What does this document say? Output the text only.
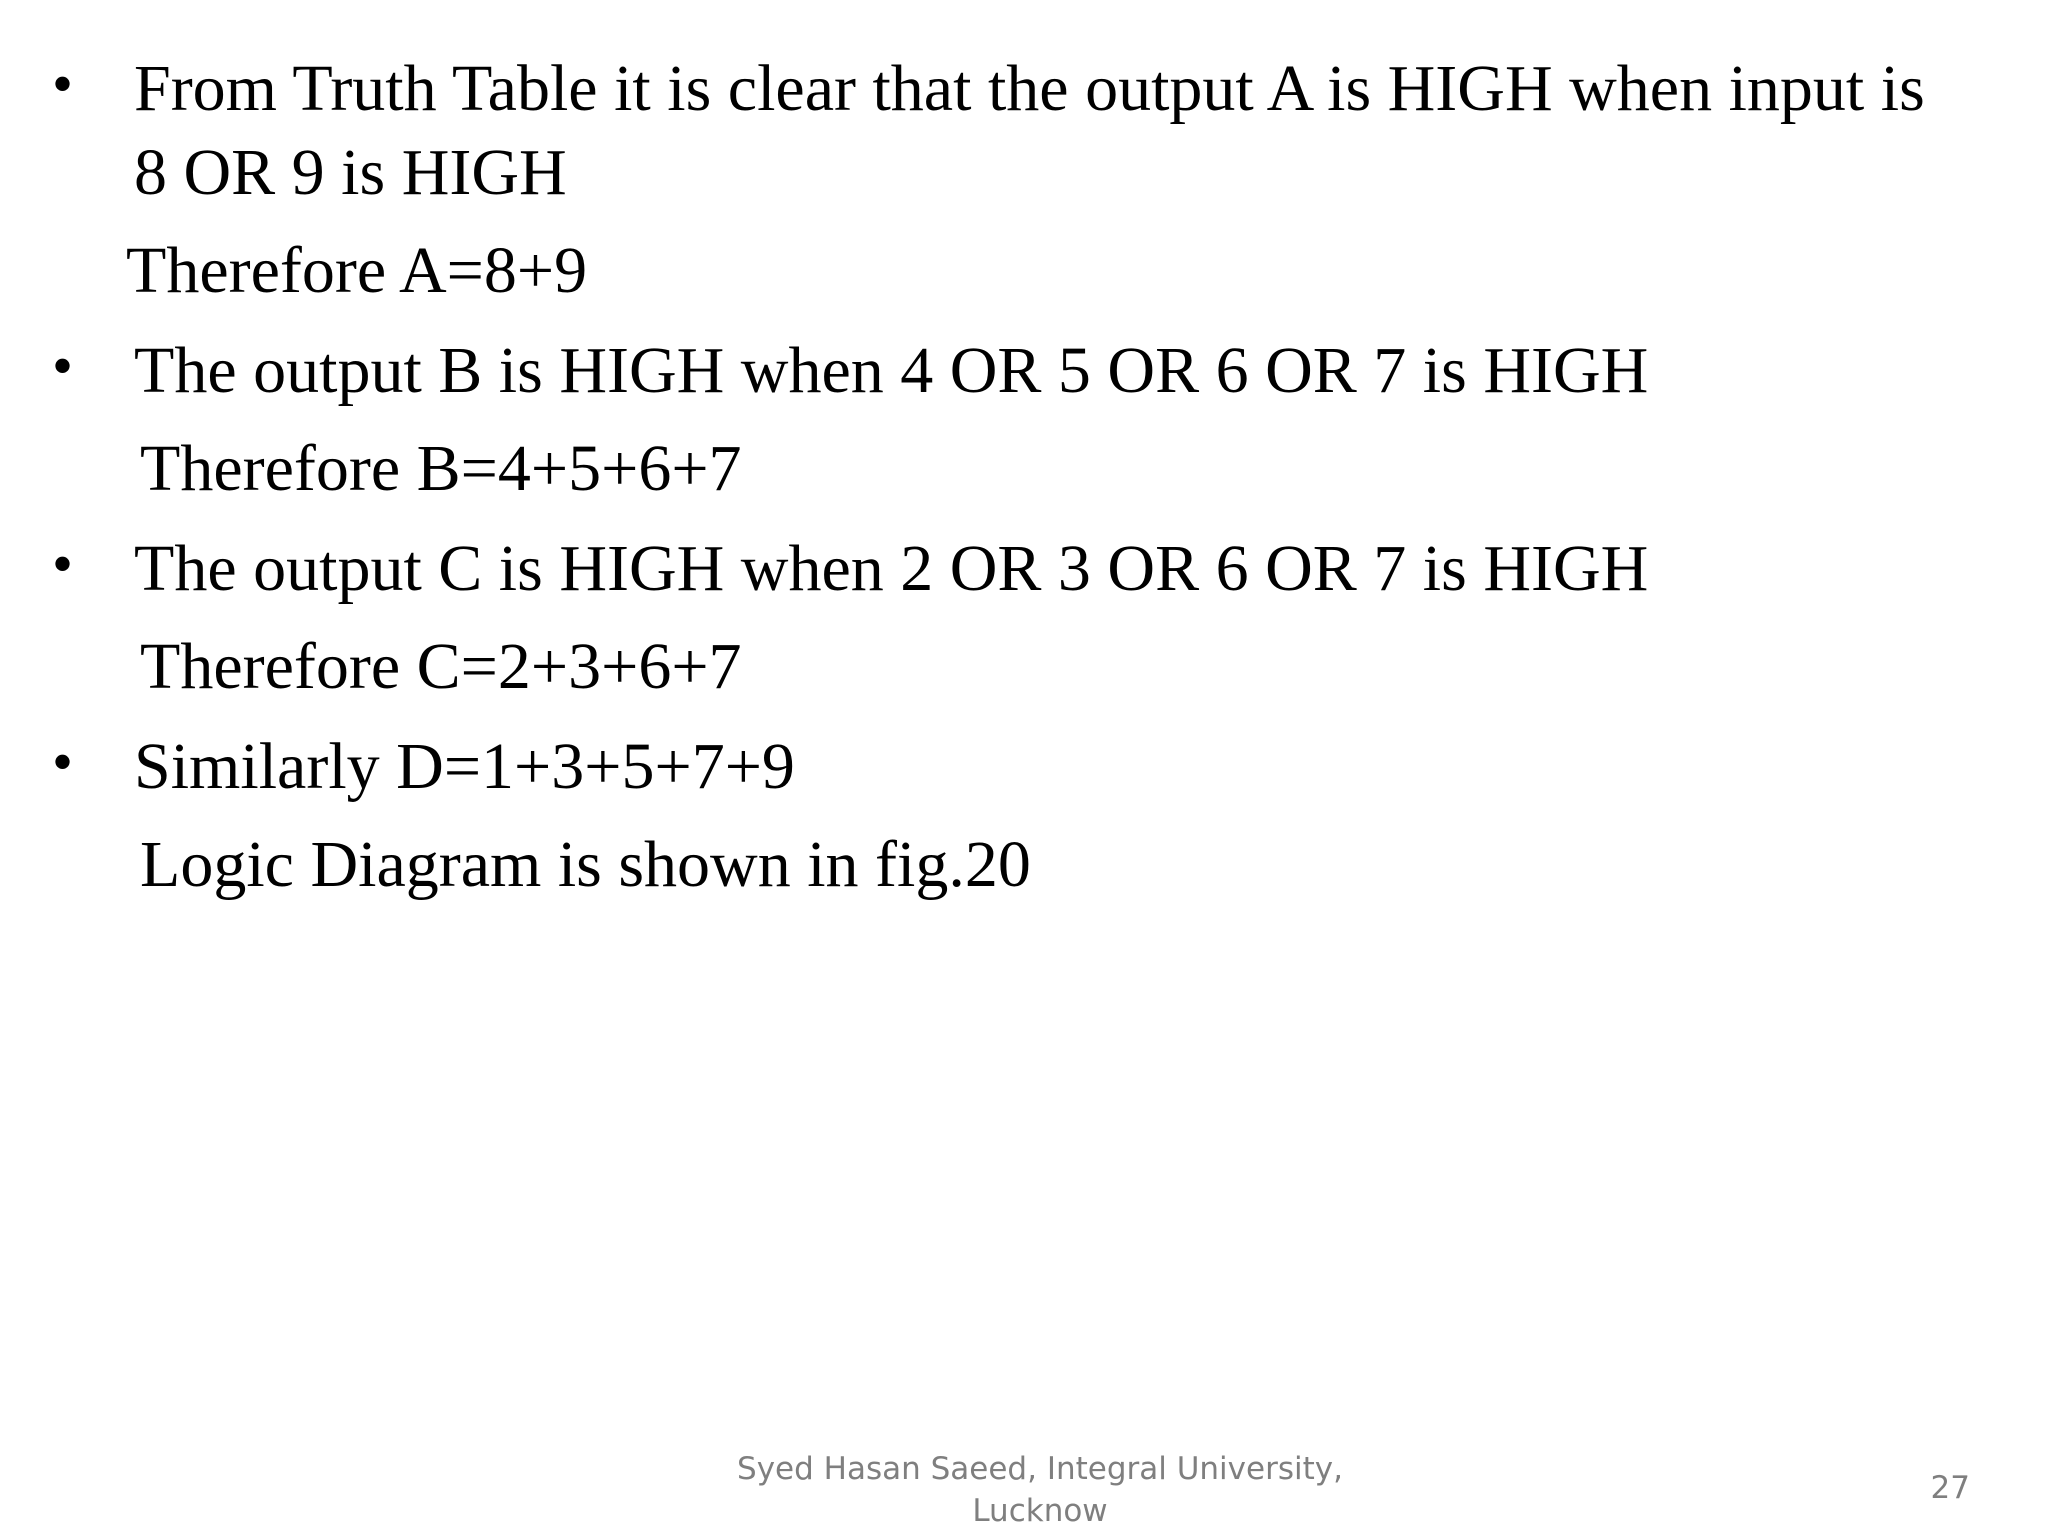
• From Truth Table it is clear that the output A is HIGH when input is
8 OR 9 is HIGH
Therefore A=8+9
• The output B is HIGH when 4 OR 5 OR 6 OR 7 is HIGH
Therefore B=4+5+6+7
• The output C is HIGH when 2 OR 3 OR 6 OR 7 is HIGH
Therefore C=2+3+6+7
• Similarly D=1+3+5+7+9
Logic Diagram is shown in fig.20
Syed Hasan Saeed, Integral University,
Lucknow
27
